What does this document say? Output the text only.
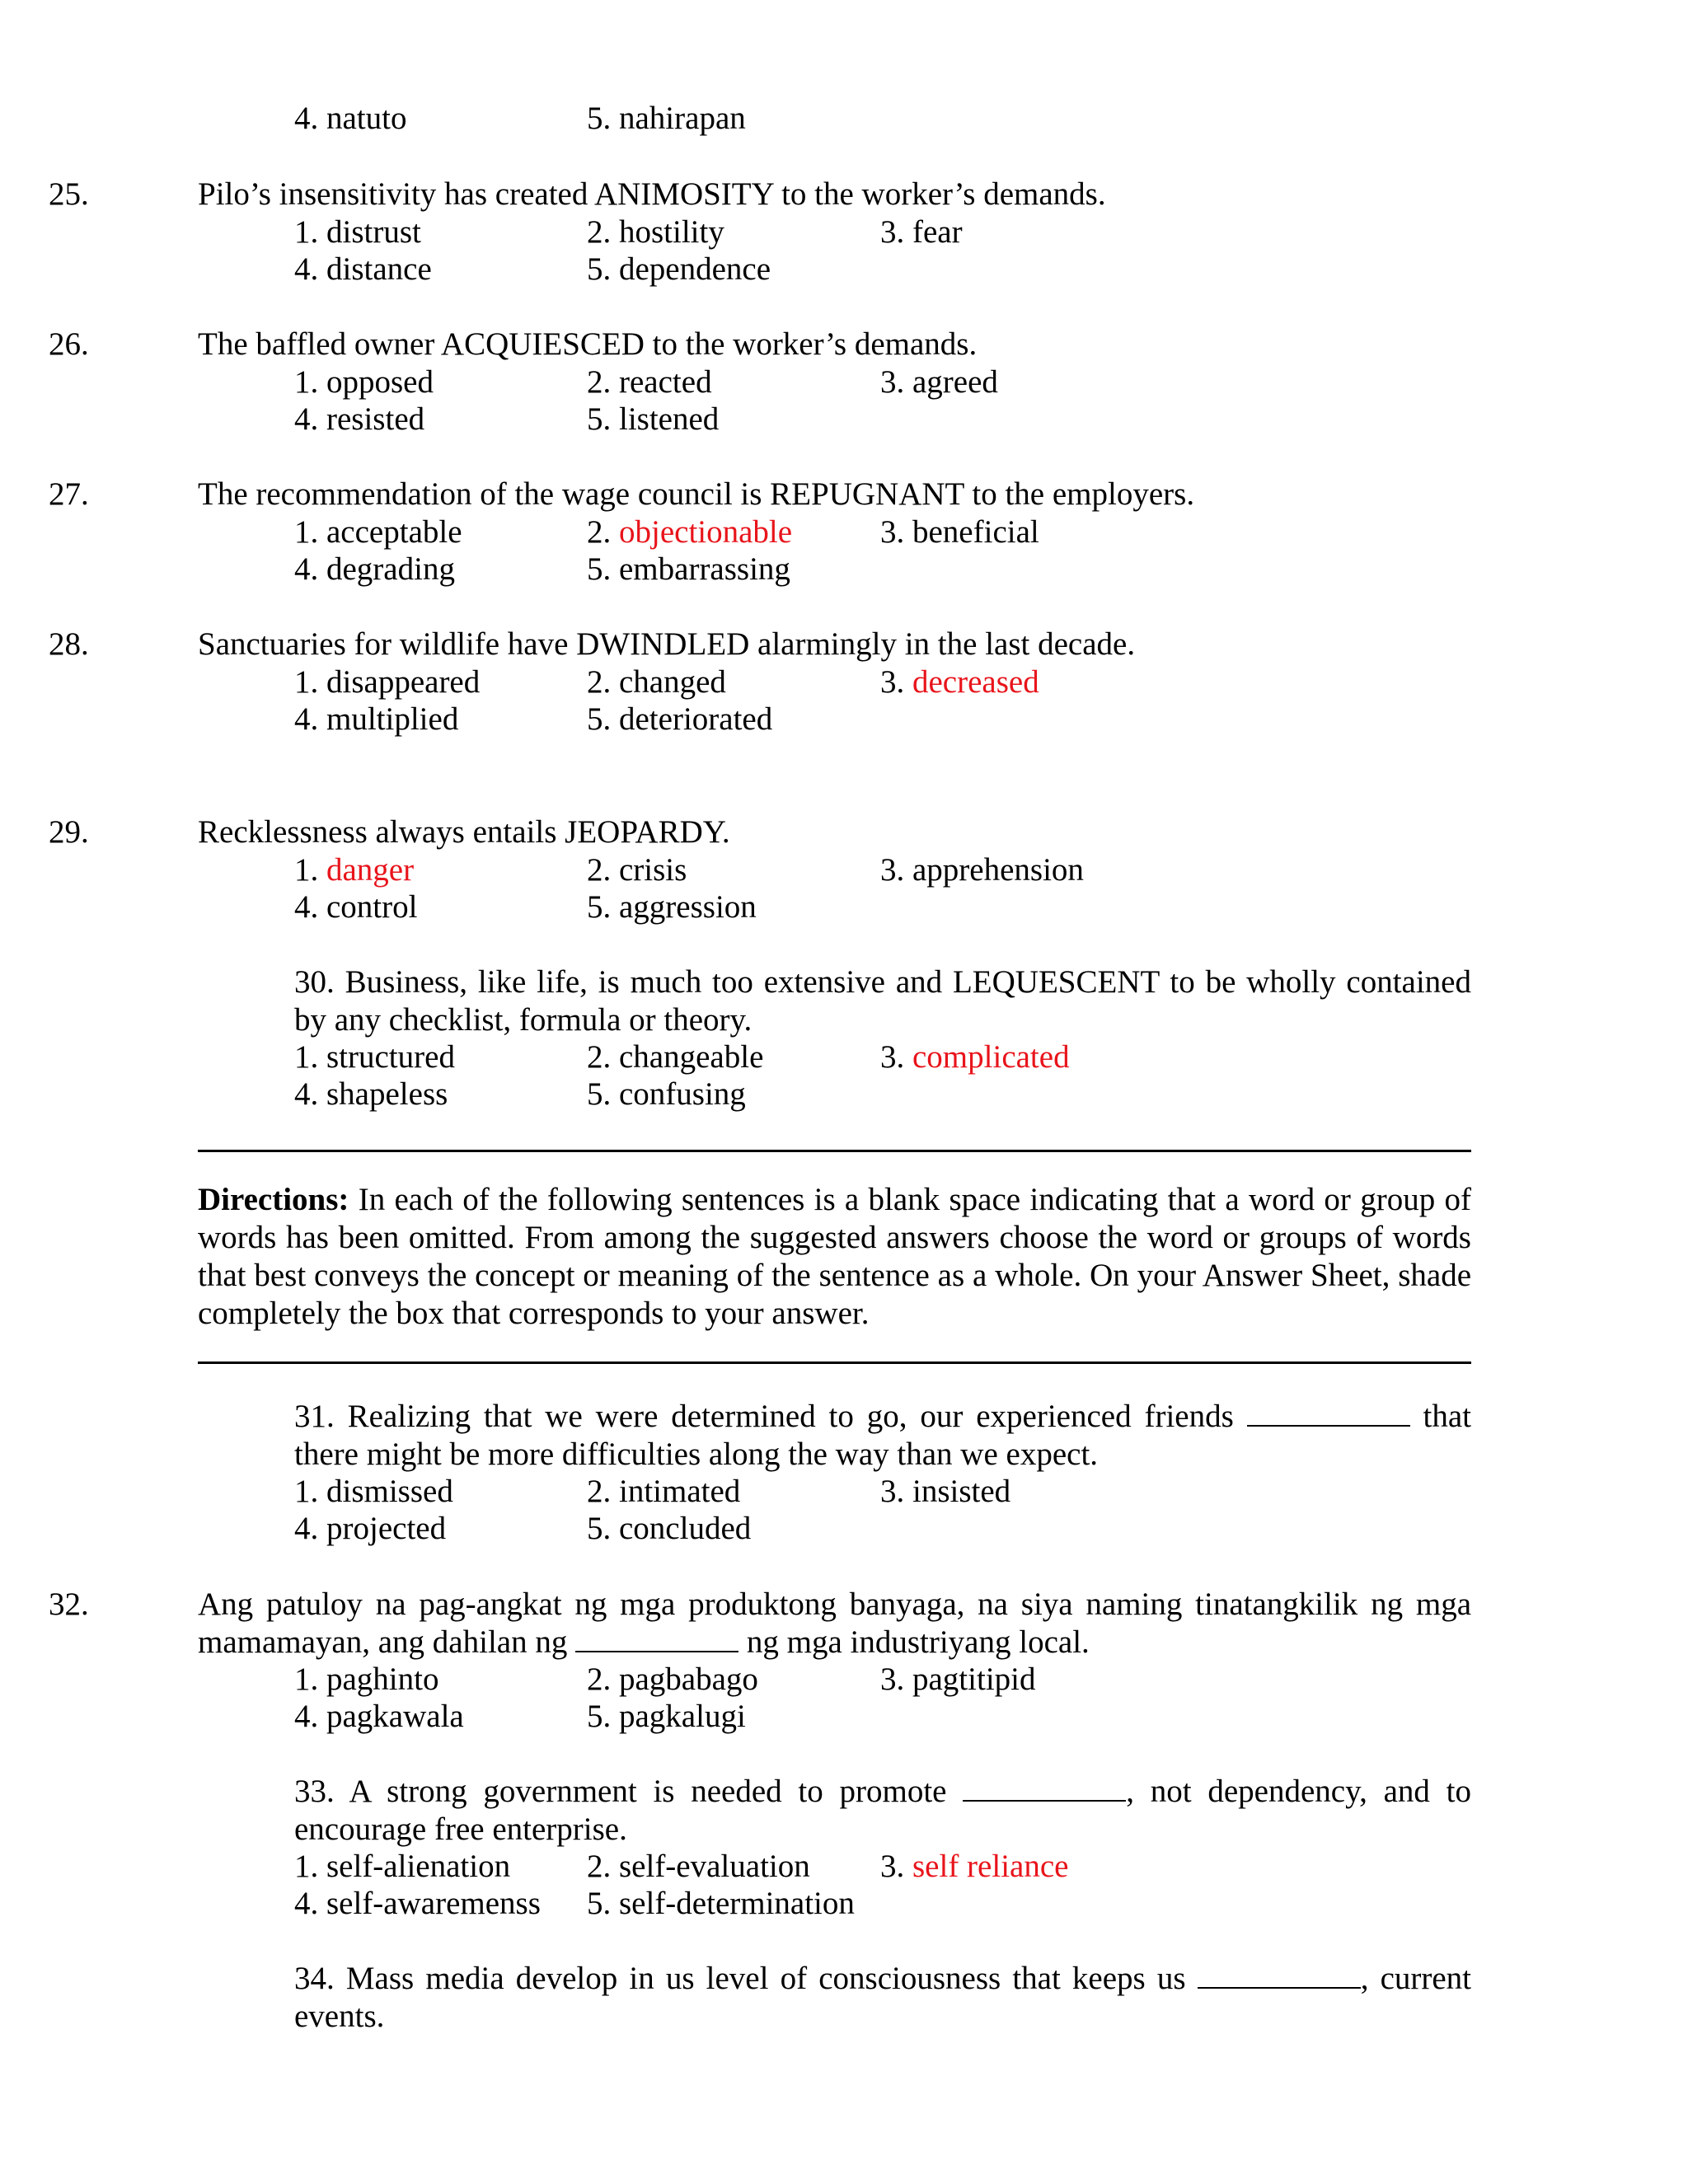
4. natuto	5. nahirapan
25.	Pilo’s insensitivity has created ANIMOSITY to the worker’s demands.
1. distrust	2. hostility	3. fear
4. distance	5. dependence
26.	The baffled owner ACQUIESCED to the worker’s demands.
1. opposed	2. reacted	3. agreed
4. resisted	5. listened
27.	The recommendation of the wage council is REPUGNANT to the employers.
1. acceptable	2. objectionable	3. beneficial
4. degrading	5. embarrassing
28.	Sanctuaries for wildlife have DWINDLED alarmingly in the last decade.
1. disappeared	2. changed	3. decreased
4. multiplied	5. deteriorated
29.	Recklessness always entails JEOPARDY.
1. danger	2. crisis	3. apprehension
4. control	5. aggression
30. Business, like life, is much too extensive and LEQUESCENT to be wholly contained by any checklist, formula or theory.
1. structured	2. changeable	3. complicated
4. shapeless	5. confusing
Directions: In each of the following sentences is a blank space indicating that a word or group of words has been omitted. From among the suggested answers choose the word or groups of words that best conveys the concept or meaning of the sentence as a whole. On your Answer Sheet, shade completely the box that corresponds to your answer.
31. Realizing that we were determined to go, our experienced friends	that there might be more difficulties along the way than we expect.
1. dismissed	2. intimated	3. insisted
4. projected	5. concluded
32.	Ang patuloy na pag-angkat ng mga produktong banyaga, na siya naming tinatangkilik ng mga mamamayan, ang dahilan ng	ng mga industriyang local.
1. paghinto	2. pagbabago	3. pagtitipid
4. pagkawala	5. pagkalugi
33. A strong government is needed to promote	, not dependency, and to encourage free enterprise.
1. self-alienation 2. self-evaluation 3. self reliance
4. self-awaremenss 5. self-determination
34. Mass media develop in us level of consciousness that keeps us	, current events.
